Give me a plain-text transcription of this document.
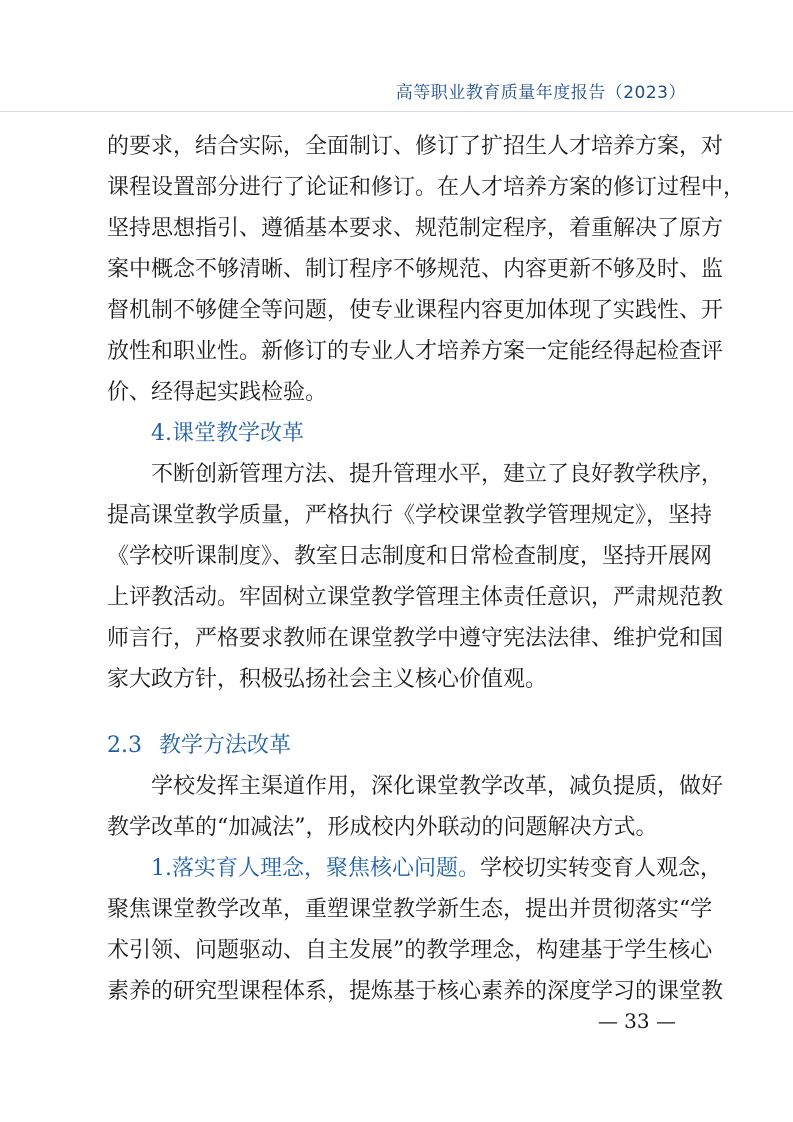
高等职业教育质量年度报告（2023）
的要求，结合实际，全面制订、修订了扩招生人才培养方案，对
课程设置部分进行了论证和修订。在人才培养方案的修订过程中，
坚持思想指引、遵循基本要求、规范制定程序，着重解决了原方
案中概念不够清晰、制订程序不够规范、内容更新不够及时、监
督机制不够健全等问题，使专业课程内容更加体现了实践性、开
放性和职业性。新修订的专业人才培养方案一定能经得起检查评
价、经得起实践检验。
4.课堂教学改革
不断创新管理方法、提升管理水平，建立了良好教学秩序，
提高课堂教学质量，严格执行《学校课堂教学管理规定》，坚持
《学校听课制度》、教室日志制度和日常检查制度，坚持开展网
上评教活动。牢固树立课堂教学管理主体责任意识，严肃规范教
师言行，严格要求教师在课堂教学中遵守宪法法律、维护党和国
家大政方针，积极弘扬社会主义核心价值观。
2.3 教学方法改革
学校发挥主渠道作用，深化课堂教学改革，减负提质，做好
教学改革的“加减法”，形成校内外联动的问题解决方式。
1.落实育人理念，聚焦核心问题。学校切实转变育人观念，
聚焦课堂教学改革，重塑课堂教学新生态，提出并贯彻落实“学
术引领、问题驱动、自主发展”的教学理念，构建基于学生核心
素养的研究型课程体系，提炼基于核心素养的深度学习的课堂教
— 33 —
